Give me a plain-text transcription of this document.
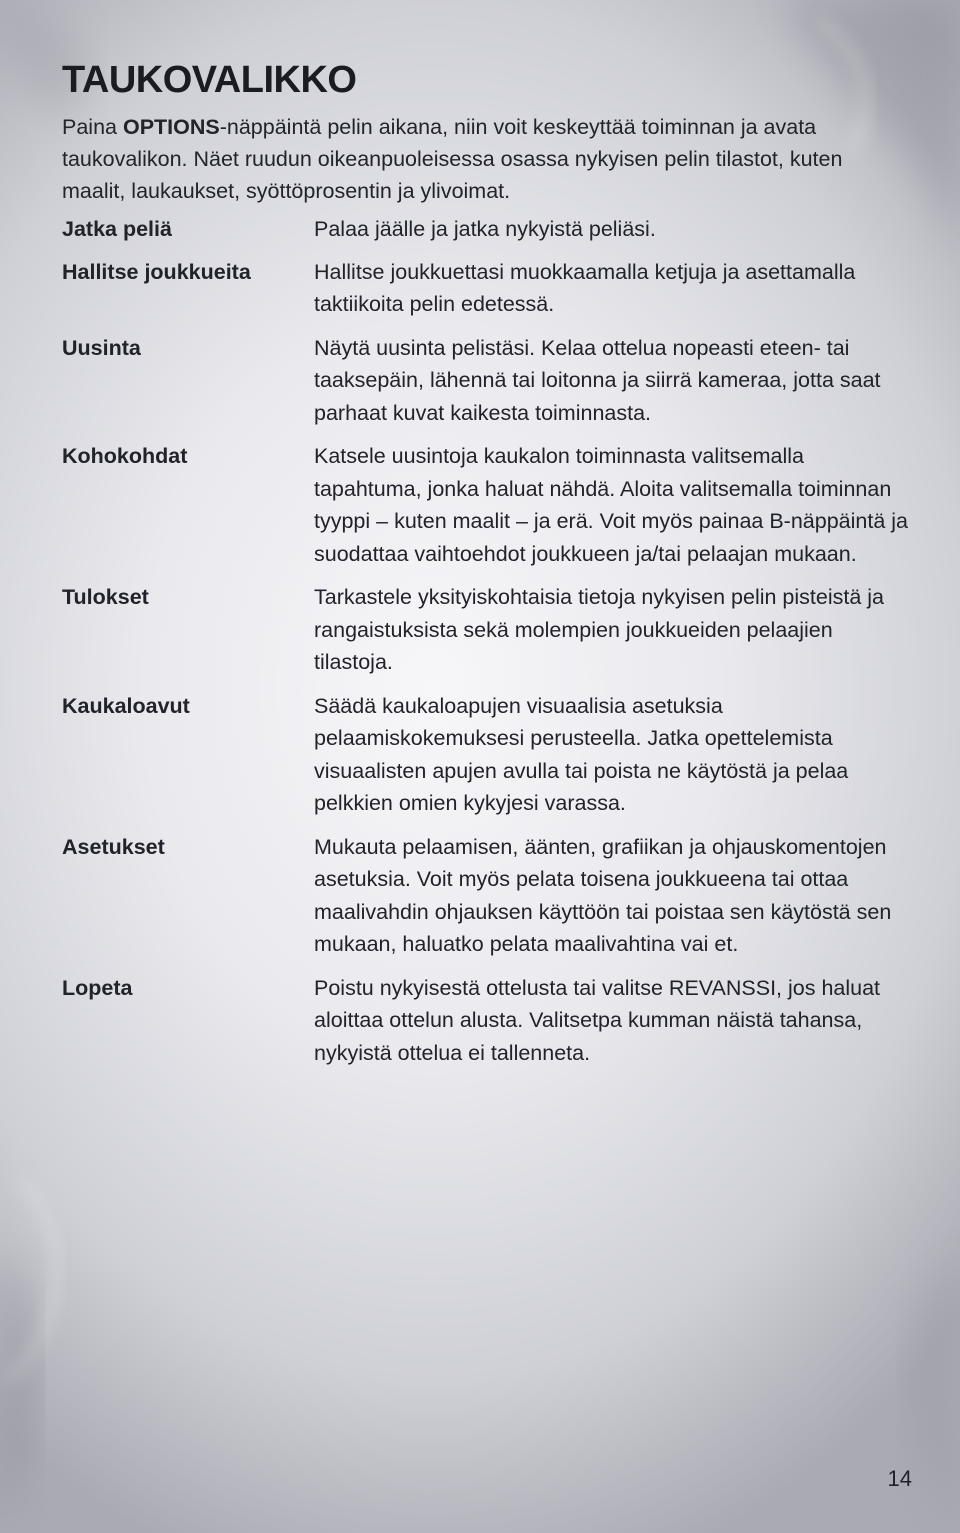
TAUKOVALIKKO

Paina OPTIONS-näppäintä pelin aikana, niin voit keskeyttää toiminnan ja avata taukovalikon. Näet ruudun oikeanpuoleisessa osassa nykyisen pelin tilastot, kuten maalit, laukaukset, syöttöprosentin ja ylivoimat.

Jatka peliä	Palaa jäälle ja jatka nykyistä peliäsi.
Hallitse joukkueita	Hallitse joukkuettasi muokkaamalla ketjuja ja asettamalla taktiikoita pelin edetessä.
Uusinta	Näytä uusinta pelistäsi. Kelaa ottelua nopeasti eteen- tai taaksepäin, lähennä tai loitonna ja siirrä kameraa, jotta saat parhaat kuvat kaikesta toiminnasta.
Kohokohdat	Katsele uusintoja kaukalon toiminnasta valitsemalla tapahtuma, jonka haluat nähdä. Aloita valitsemalla toiminnan tyyppi – kuten maalit – ja erä. Voit myös painaa B-näppäintä ja suodattaa vaihtoehdot joukkueen ja/tai pelaajan mukaan.
Tulokset	Tarkastele yksityiskohtaisia tietoja nykyisen pelin pisteistä ja rangaistuksista sekä molempien joukkueiden pelaajien tilastoja.
Kaukaloavut	Säädä kaukaloapujen visuaalisia asetuksia pelaamiskokemuksesi perusteella. Jatka opettelemista visuaalisten apujen avulla tai poista ne käytöstä ja pelaa pelkkien omien kykyjesi varassa.
Asetukset	Mukauta pelaamisen, äänten, grafiikan ja ohjauskomentojen asetuksia. Voit myös pelata toisena joukkueena tai ottaa maalivahdin ohjauksen käyttöön tai poistaa sen käytöstä sen mukaan, haluatko pelata maalivahtina vai et.
Lopeta	Poistu nykyisestä ottelusta tai valitse REVANSSI, jos haluat aloittaa ottelun alusta. Valitsetpa kumman näistä tahansa, nykyistä ottelua ei tallenneta.
14
